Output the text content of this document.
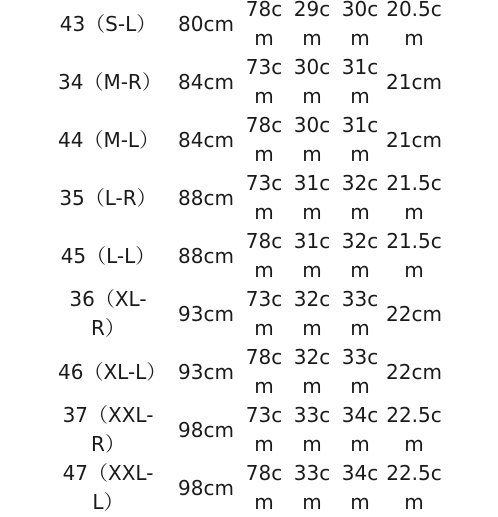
43（S-L） 80cm
78cm
29cm
30cm
20.5cm
34（M-R） 84cm
73cm
30cm
31cm
21cm
44（M-L） 84cm
78cm
30cm
31cm
21cm
35（L-R） 88cm
73cm
31cm
32cm
21.5cm
45（L-L） 88cm
78cm
31cm
32cm
21.5cm
36（XL-R）
93cm
73cm
32cm
33cm
22cm
46（XL-L） 93cm
78cm
32cm
33cm
22cm
37（XXL-R）
98cm
73cm
33cm
34cm
22.5cm
47（XXL-L）
98cm
78cm
33cm
34cm
22.5cm
